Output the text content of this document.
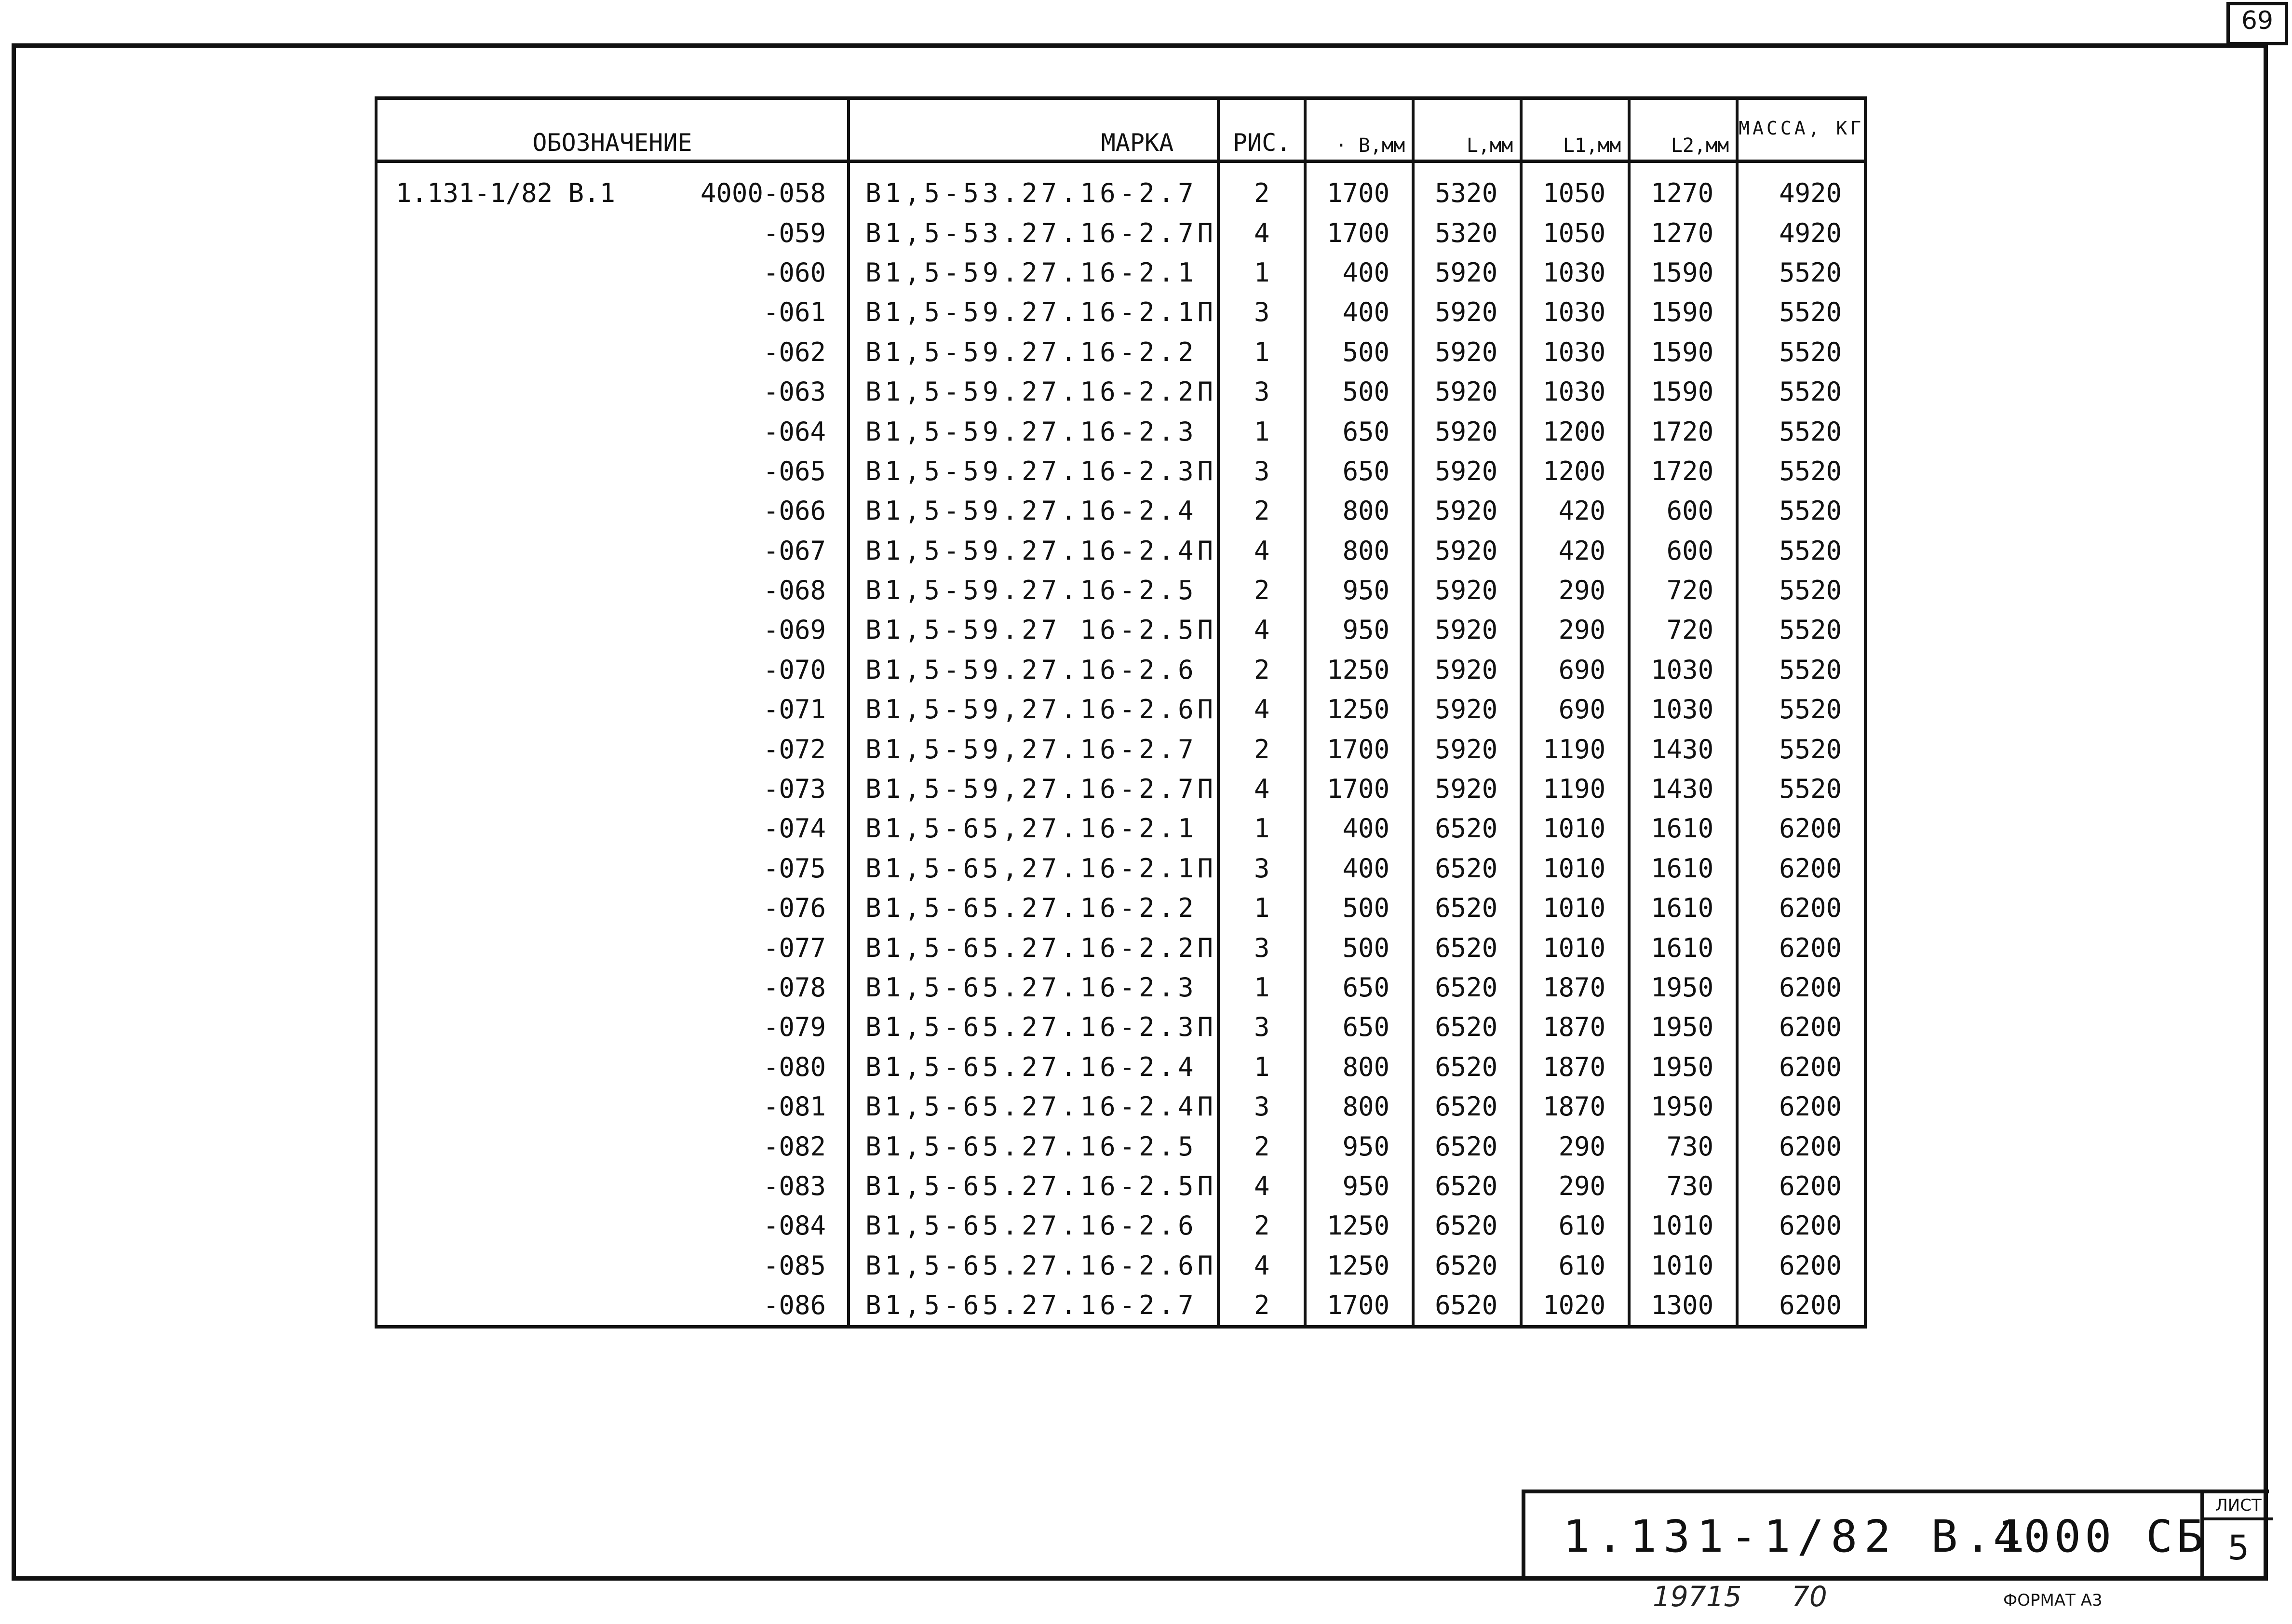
69
ОБОЗНАЧЕНИЕ	МАРКА	РИС.	· В,мм	L,мм	L1,мм	L2,мм	МАССА, КГ

1.131-1/82 В.1 4000-058	В1,5-53.27.16-2.7	2	1700	5320	1050	1270	4920
-059	В1,5-53.27.16-2.7П	4	1700	5320	1050	1270	4920
-060	В1,5-59.27.16-2.1	1	400	5920	1030	1590	5520
-061	В1,5-59.27.16-2.1П	3	400	5920	1030	1590	5520
-062	В1,5-59.27.16-2.2	1	500	5920	1030	1590	5520
-063	В1,5-59.27.16-2.2П	3	500	5920	1030	1590	5520
-064	В1,5-59.27.16-2.3	1	650	5920	1200	1720	5520
-065	В1,5-59.27.16-2.3П	3	650	5920	1200	1720	5520
-066	В1,5-59.27.16-2.4	2	800	5920	420	600	5520
-067	В1,5-59.27.16-2.4П	4	800	5920	420	600	5520
-068	В1,5-59.27.16-2.5	2	950	5920	290	720	5520
-069	В1,5-59.27 16-2.5П	4	950	5920	290	720	5520
-070	В1,5-59.27.16-2.6	2	1250	5920	690	1030	5520
-071	В1,5-59,27.16-2.6П	4	1250	5920	690	1030	5520
-072	В1,5-59,27.16-2.7	2	1700	5920	1190	1430	5520
-073	В1,5-59,27.16-2.7П	4	1700	5920	1190	1430	5520
-074	В1,5-65,27.16-2.1	1	400	6520	1010	1610	6200
-075	В1,5-65,27.16-2.1П	3	400	6520	1010	1610	6200
-076	В1,5-65.27.16-2.2	1	500	6520	1010	1610	6200
-077	В1,5-65.27.16-2.2П	3	500	6520	1010	1610	6200
-078	В1,5-65.27.16-2.3	1	650	6520	1870	1950	6200
-079	В1,5-65.27.16-2.3П	3	650	6520	1870	1950	6200
-080	В1,5-65.27.16-2.4	1	800	6520	1870	1950	6200
-081	В1,5-65.27.16-2.4П	3	800	6520	1870	1950	6200
-082	В1,5-65.27.16-2.5	2	950	6520	290	730	6200
-083	В1,5-65.27.16-2.5П	4	950	6520	290	730	6200
-084	В1,5-65.27.16-2.6	2	1250	6520	610	1010	6200
-085	В1,5-65.27.16-2.6П	4	1250	6520	610	1010	6200
-086	В1,5-65.27.16-2.7	2	1700	6520	1020	1300	6200
1.131-1/82 В.1
4000 СБ
ЛИСТ
5
19715 70	ФОРМАТ А3
